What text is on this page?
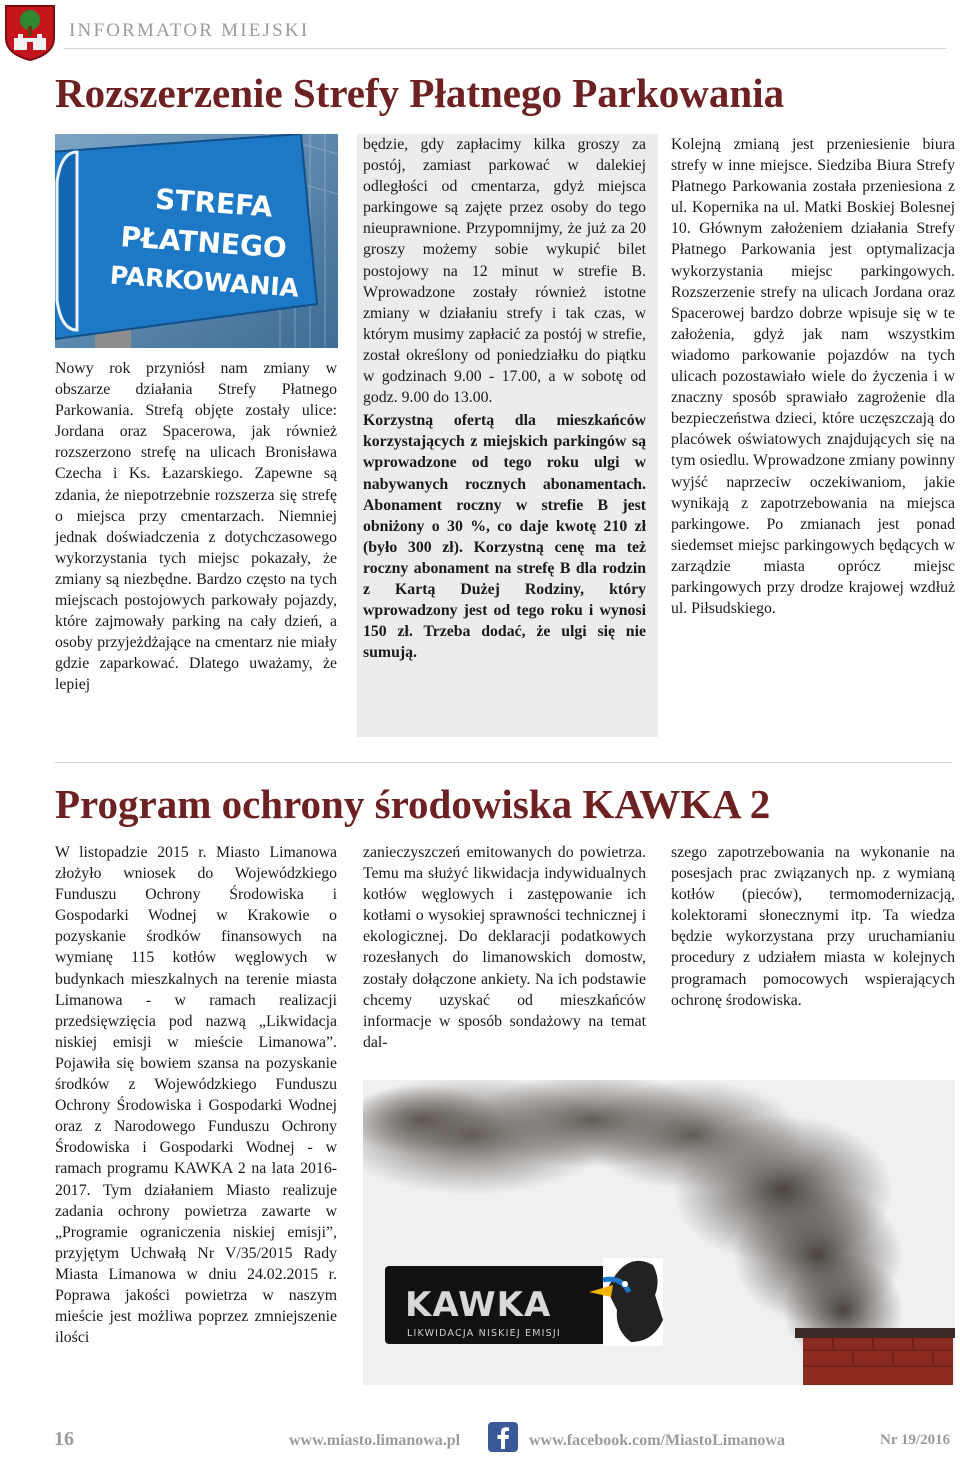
INFORMATOR MIEJSKI
Rozszerzenie Strefy Płatnego Parkowania
STREFA
PŁATNEGO
PARKOWANIA

Nowy rok przyniósł nam zmiany w obszarze działania Strefy Płatnego Parkowania. Strefą objęte zostały ulice: Jordana oraz Spacerowa, jak również rozszerzono strefę na ulicach Bronisława Czecha i Ks. Łazarskiego. Zapewne są zdania, że niepotrzebnie rozszerza się strefę o miejsca przy cmentarzach. Niemniej jednak doświadczenia z dotychczasowego wykorzystania tych miejsc pokazały, że zmiany są niezbędne. Bardzo często na tych miejscach postojowych parkowały pojazdy, które zajmowały parking na cały dzień, a osoby przyjeżdżające na cmentarz nie miały gdzie zaparkować. Dlatego uważamy, że lepiej

będzie, gdy zapłacimy kilka groszy za postój, zamiast parkować w dalekiej odległości od cmentarza, gdyż miejsca parkingowe są zajęte przez osoby do tego nieuprawnione. Przypomnijmy, że już za 20 groszy możemy sobie wykupić bilet postojowy na 12 minut w strefie B. Wprowadzone zostały również istotne zmiany w działaniu strefy i tak czas, w którym musimy zapłacić za postój w strefie, został określony od poniedziałku do piątku w godzinach 9.00 - 17.00, a w sobotę od godz. 9.00 do 13.00.

Korzystną ofertą dla mieszkańców korzystających z miejskich parkingów są wprowadzone od tego roku ulgi w nabywanych rocznych abonamentach. Abonament roczny w strefie B jest obniżony o 30 %, co daje kwotę 210 zł (było 300 zł). Korzystną cenę ma też roczny abonament na strefę B dla rodzin z Kartą Dużej Rodziny, który wprowadzony jest od tego roku i wynosi 150 zł. Trzeba dodać, że ulgi się nie sumują.

Kolejną zmianą jest przeniesienie biura strefy w inne miejsce. Siedziba Biura Strefy Płatnego Parkowania została przeniesiona z ul. Kopernika na ul. Matki Boskiej Bolesnej 10. Głównym założeniem działania Strefy Płatnego Parkowania jest optymalizacja wykorzystania miejsc parkingowych. Rozszerzenie strefy na ulicach Jordana oraz Spacerowej bardzo dobrze wpisuje się w te założenia, gdyż jak nam wszystkim wiadomo parkowanie pojazdów na tych ulicach pozostawiało wiele do życzenia i w znaczny sposób sprawiało zagrożenie dla bezpieczeństwa dzieci, które uczęszczają do placówek oświatowych znajdujących się na tym osiedlu. Wprowadzone zmiany powinny wyjść naprzeciw oczekiwaniom, jakie wynikają z zapotrzebowania na miejsca parkingowe. Po zmianach jest ponad siedemset miejsc parkingowych będących w zarządzie miasta oprócz miejsc parkingowych przy drodze krajowej wzdłuż ul. Piłsudskiego.

Program ochrony środowiska KAWKA 2

W listopadzie 2015 r. Miasto Limanowa złożyło wniosek do Wojewódzkiego Funduszu Ochrony Środowiska i Gospodarki Wodnej w Krakowie o pozyskanie środków finansowych na wymianę 115 kotłów węglowych w budynkach mieszkalnych na terenie miasta Limanowa - w ramach realizacji przedsięwzięcia pod nazwą „Likwidacja niskiej emisji w mieście Limanowa”. Pojawiła się bowiem szansa na pozyskanie środków z Wojewódzkiego Funduszu Ochrony Środowiska i Gospodarki Wodnej oraz z Narodowego Funduszu Ochrony Środowiska i Gospodarki Wodnej - w ramach programu KAWKA 2 na lata 2016-2017. Tym działaniem Miasto realizuje zadania ochrony powietrza zawarte w „Programie ograniczenia niskiej emisji”, przyjętym Uchwałą Nr V/35/2015 Rady Miasta Limanowa w dniu 24.02.2015 r. Poprawa jakości powietrza w naszym mieście jest możliwa poprzez zmniejszenie ilości

zanieczyszczeń emitowanych do powietrza. Temu ma służyć likwidacja indywidualnych kotłów węglowych i zastępowanie ich kotłami o wysokiej sprawności technicznej i ekologicznej. Do deklaracji podatkowych rozesłanych do limanowskich domostw, zostały dołączone ankiety. Na ich podstawie chcemy uzyskać od mieszkańców informacje w sposób sondażowy na temat dal-

szego zapotrzebowania na wykonanie na posesjach prac związanych np. z wymianą kotłów (pieców), termomodernizacją, kolektorami słonecznymi itp. Ta wiedza będzie wykorzystana przy uruchamianiu procedury z udziałem miasta w kolejnych programach pomocowych wspierających ochronę środowiska.

KAWKA
LIKWIDACJA NISKIEJ EMISJI
16	www.miasto.limanowa.pl	www.facebook.com/MiastoLimanowa	Nr 19/2016
